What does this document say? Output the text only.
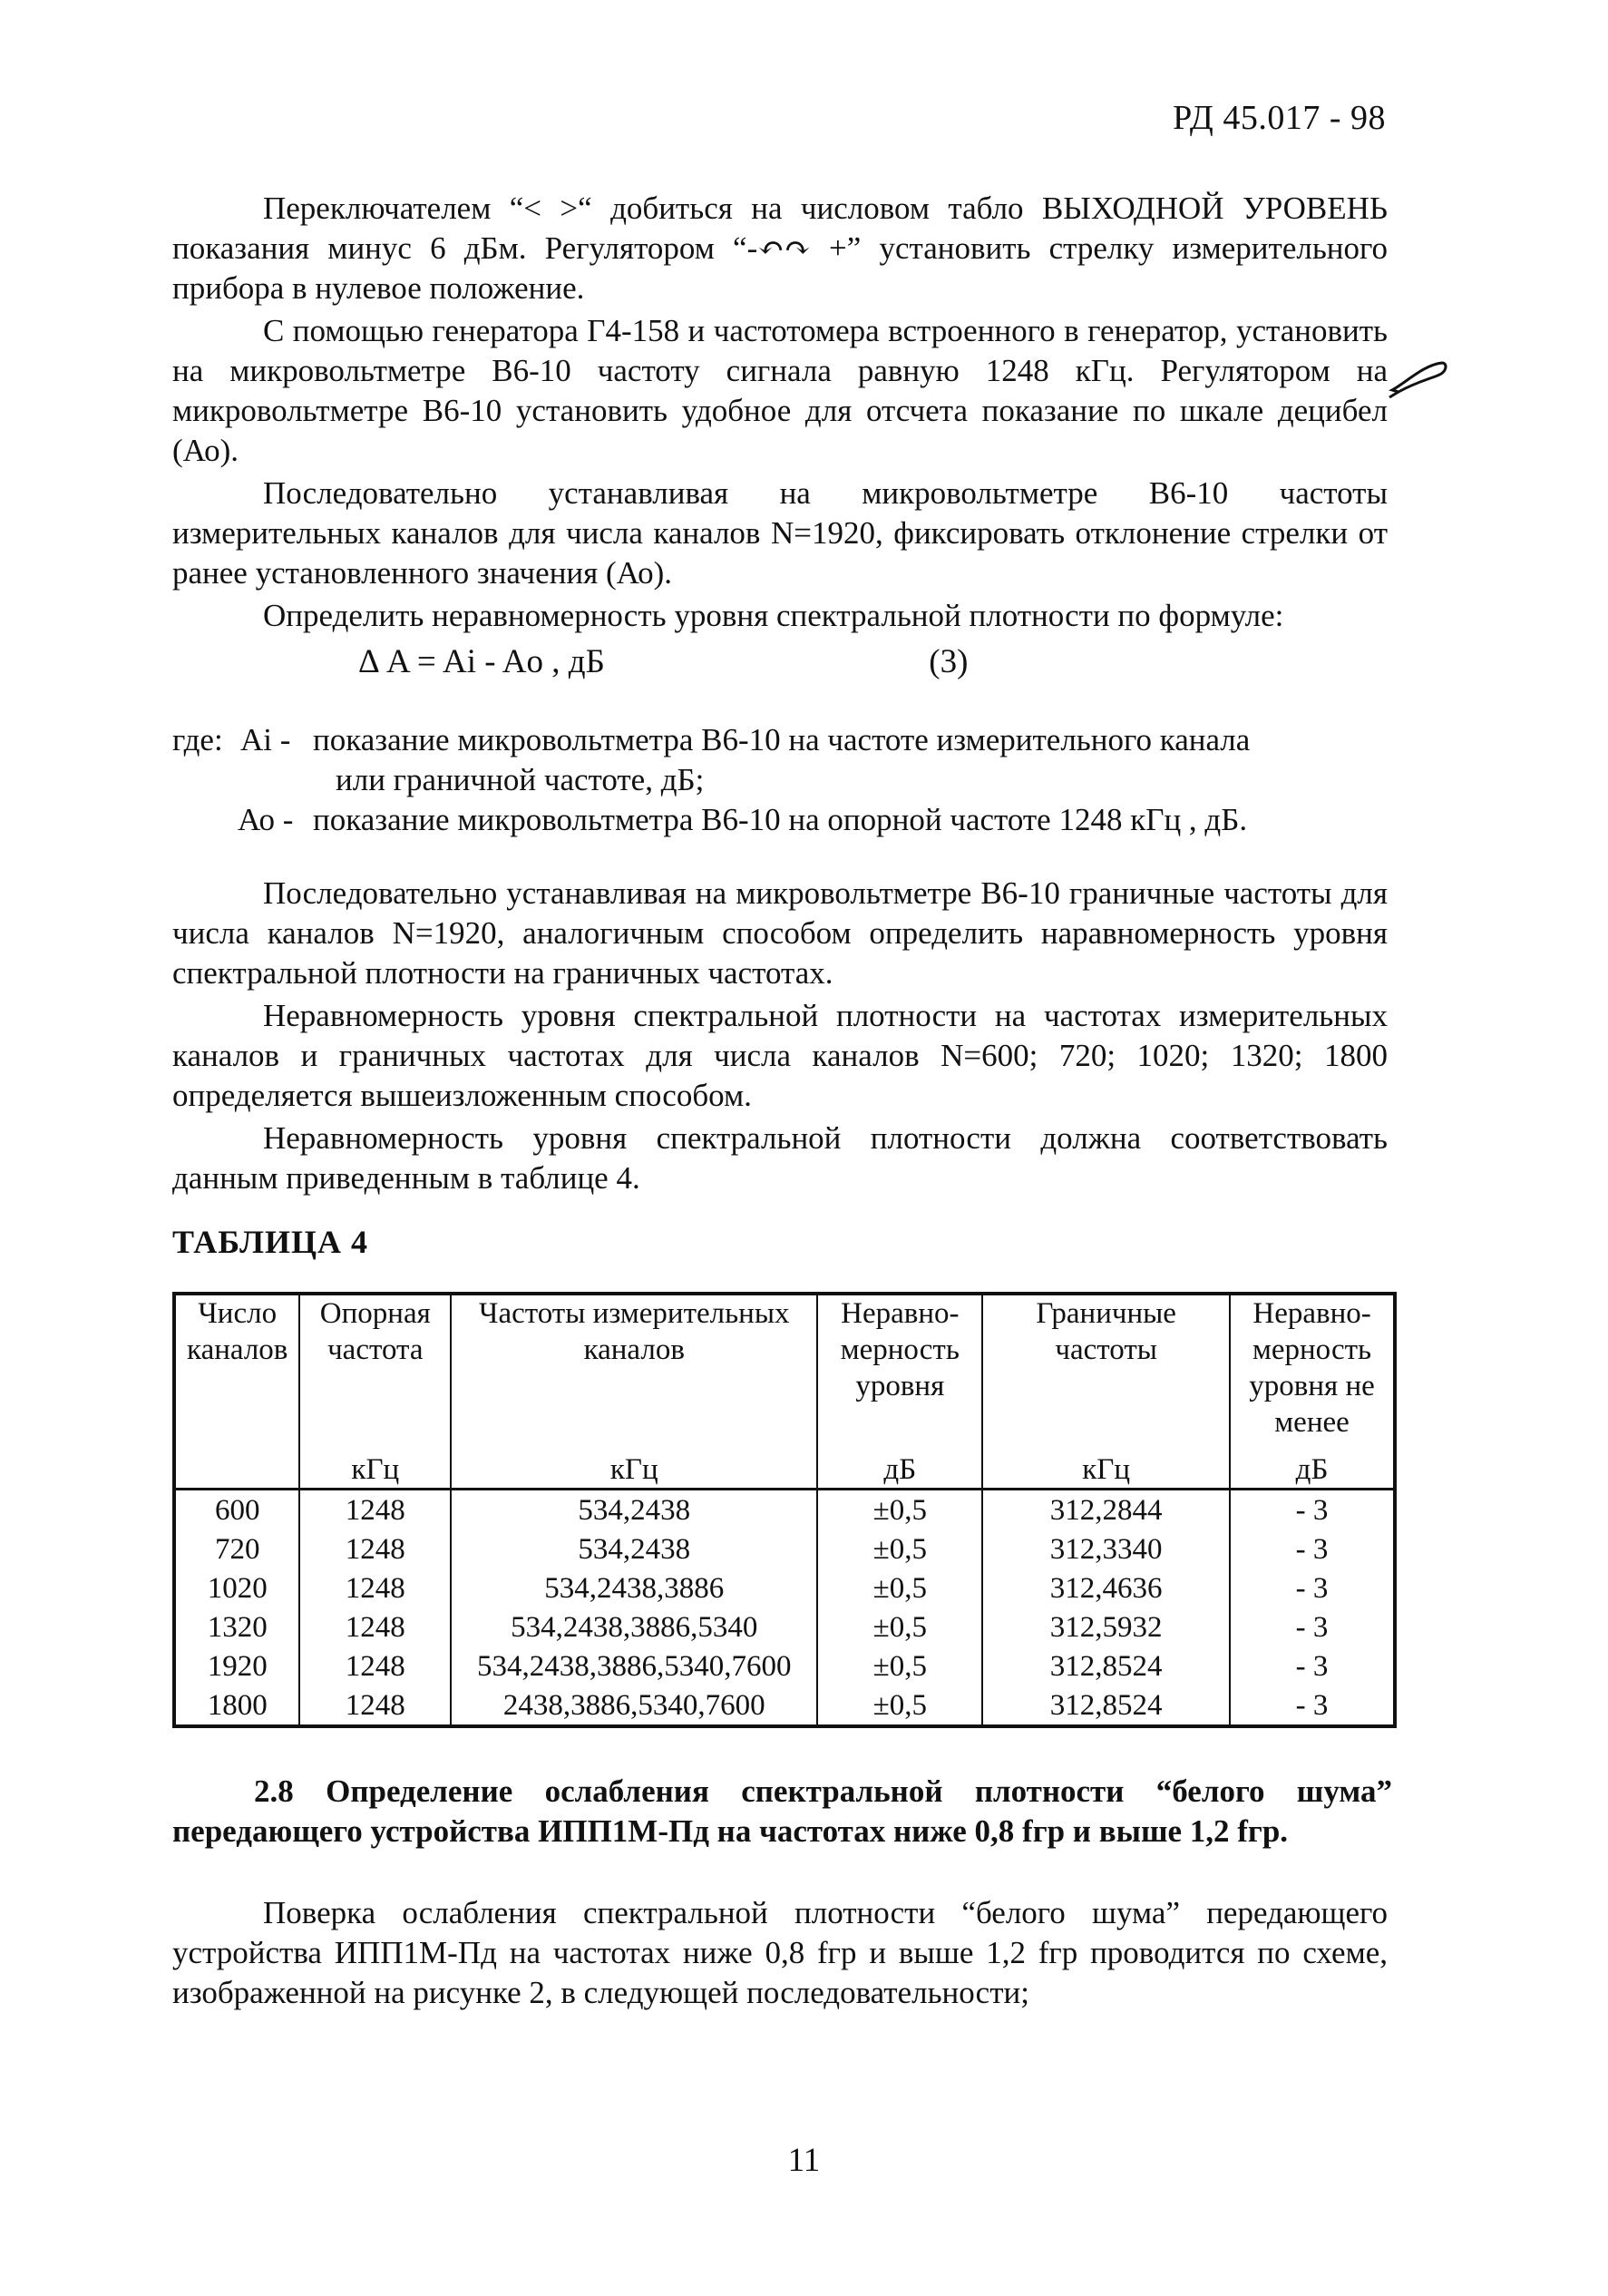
РД 45.017 - 98

Переключателем “< >“ добиться на числовом табло ВЫХОДНОЙ УРОВЕНЬ показания минус 6 дБм. Регулятором “-↶↷ +” установить стрелку измерительного прибора в нулевое положение.

С помощью генератора Г4-158 и частотомера встроенного в генератор, установить на микровольтметре В6-10 частоту сигнала равную 1248 кГц. Регулятором на микровольтметре В6-10 установить удобное для отсчета показание по шкале децибел (Ао).

Последовательно устанавливая на микровольтметре В6-10 частоты измерительных каналов для числа каналов N=1920, фиксировать отклонение стрелки от ранее установленного значения (Ао).

Определить неравномерность уровня спектральной плотности по формуле:

Δ A = Ai - Ao , дБ	(3)
где: Ai - показание микровольтметра В6-10 на частоте измерительного канала
или граничной частоте, дБ;
Ао - показание микровольтметра В6-10 на опорной частоте 1248 кГц , дБ.

Последовательно устанавливая на микровольтметре В6-10 граничные частоты для числа каналов N=1920, аналогичным способом определить наравномерность уровня спектральной плотности на граничных частотах.

Неравномерность уровня спектральной плотности на частотах измерительных каналов и граничных частотах для числа каналов N=600; 720; 1020; 1320; 1800 определяется вышеизложенным способом.

Неравномерность уровня спектральной плотности должна соответствовать данным приведенным в таблице 4.

ТАБЛИЦА 4
Число каналов	Опорная частота	Частоты измерительных каналов	Неравно-мерность уровня	Граничные частоты	Неравно-мерность уровня не менее
	кГц	кГц	дБ	кГц	дБ
600	1248	534,2438	±0,5	312,2844	- 3
720	1248	534,2438	±0,5	312,3340	- 3
1020	1248	534,2438,3886	±0,5	312,4636	- 3
1320	1248	534,2438,3886,5340	±0,5	312,5932	- 3
1920	1248	534,2438,3886,5340,7600	±0,5	312,8524	- 3
1800	1248	2438,3886,5340,7600	±0,5	312,8524	- 3
2.8 Определение ослабления спектральной плотности “белого шума” передающего устройства ИПП1М-Пд на частотах ниже 0,8 fгр и выше 1,2 fгр.

Поверка ослабления спектральной плотности “белого шума” передающего устройства ИПП1М-Пд на частотах ниже 0,8 fгр и выше 1,2 fгр проводится по схеме, изображенной на рисунке 2, в следующей последовательности;

11
